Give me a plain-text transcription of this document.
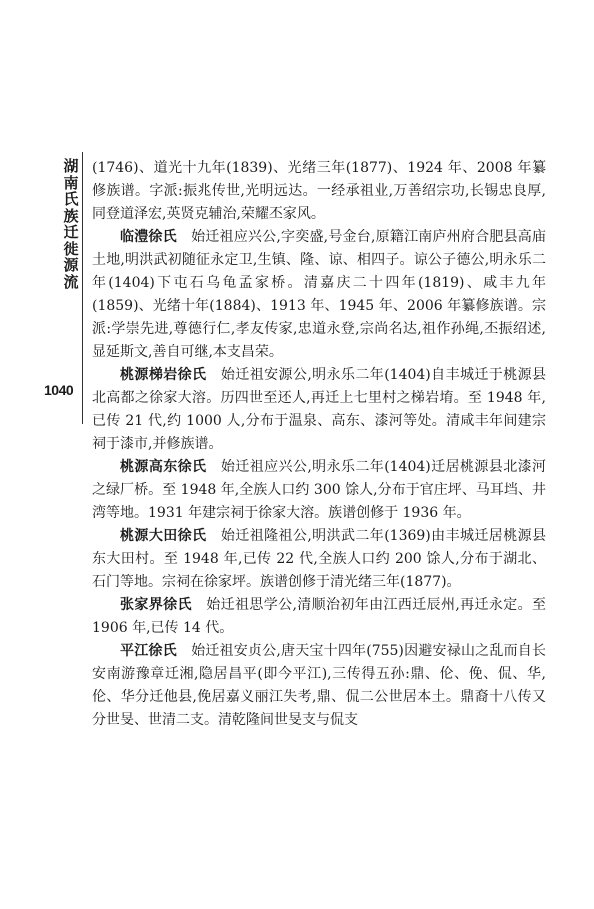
湖南氏族迁徙源流
1040

(1746)、道光十九年(1839)、光绪三年(1877)、1924 年、2008 年纂修族谱。字派:振兆传世,光明远达。一经承祖业,万善绍宗功,长锡忠良厚,同登道泽宏,英贤克辅治,荣耀丕家风。

临澧徐氏　 始迁祖应兴公,字奕盛,号金台,原籍江南庐州府合肥县高庙土地,明洪武初随征永定卫,生镇、隆、谅、相四子。谅公子德公,明永乐二年(1404)下屯石乌龟孟家桥。清嘉庆二十四年(1819)、咸丰九年(1859)、光绪十年(1884)、1913 年、1945 年、2006 年纂修族谱。宗派:学崇先进,尊德行仁,孝友传家,忠道永登,宗尚名达,祖作孙绳,丕振绍述,显延斯文,善自可继,本支昌荣。

桃源梯岩徐氏　 始迁祖安源公,明永乐二年(1404)自丰城迁于桃源县北高都之徐家大溶。历四世至还人,再迁上七里村之梯岩堉。至 1948 年,已传 21 代,约 1000 人,分布于温泉、高东、漆河等处。清咸丰年间建宗祠于漆市,并修族谱。

桃源高东徐氏　 始迁祖应兴公,明永乐二年(1404)迁居桃源县北漆河之绿厂桥。至 1948 年,全族人口约 300 馀人,分布于官庄坪、马耳垱、井湾等地。1931 年建宗祠于徐家大溶。族谱创修于 1936 年。

桃源大田徐氏　 始迁祖隆祖公,明洪武二年(1369)由丰城迁居桃源县东大田村。至 1948 年,已传 22 代,全族人口约 200 馀人,分布于湖北、石门等地。宗祠在徐家坪。族谱创修于清光绪三年(1877)。

张家界徐氏　 始迁祖思学公,清顺治初年由江西迁辰州,再迁永定。至 1906 年,已传 14 代。

平江徐氏　 始迁祖安贞公,唐天宝十四年(755)因避安禄山之乱而自长安南游豫章迁湘,隐居昌平(即今平江),三传得五孙:鼎、伦、俛、侃、华,伦、华分迁他县,俛居嘉义丽江失考,鼎、侃二公世居本土。鼎裔十八传又分世旻、世清二支。清乾隆间世旻支与侃支
